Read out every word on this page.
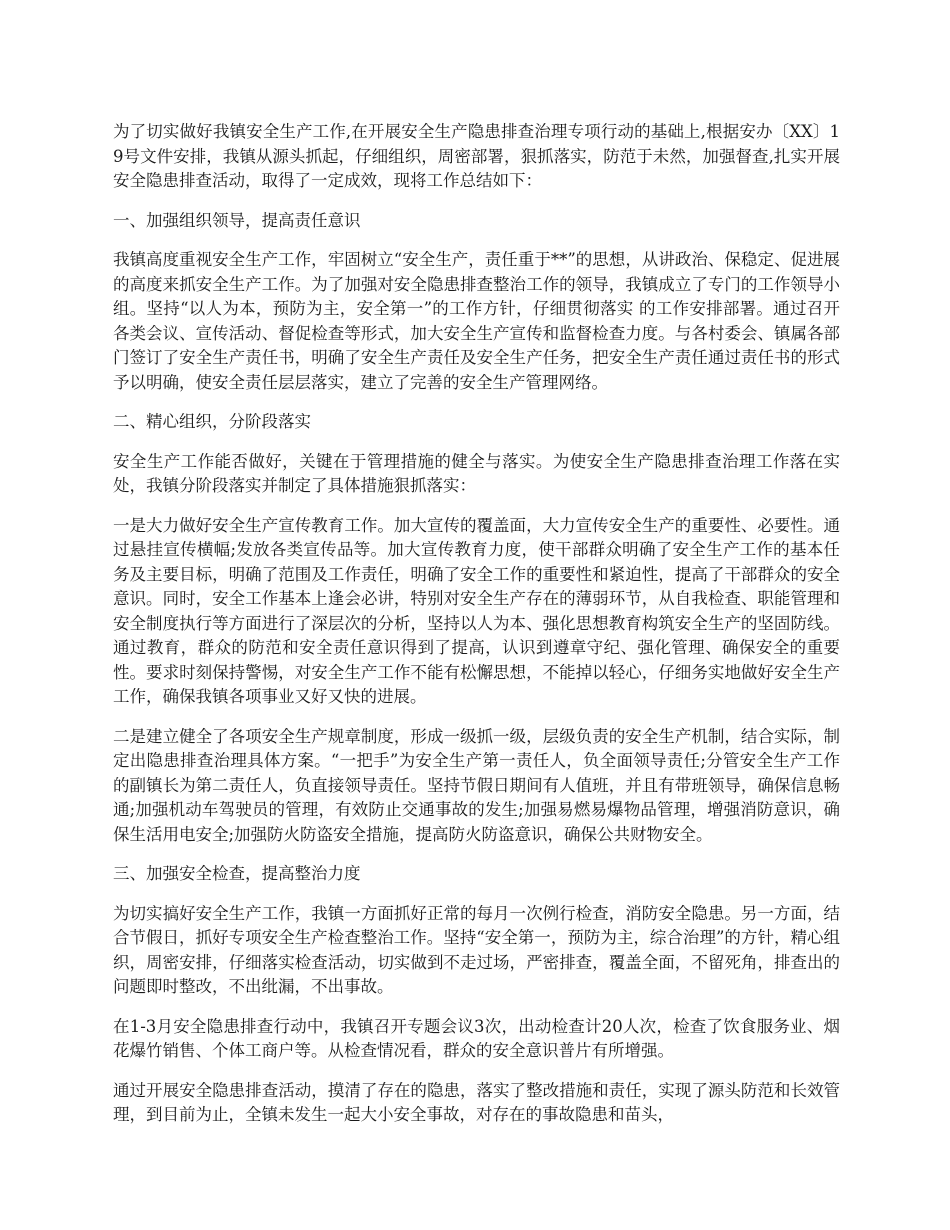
为了切实做好我镇安全生产工作,在开展安全生产隐患排查治理专项行动的基础上,根据安办〔XX〕19号文件安排，我镇从源头抓起，仔细组织，周密部署，狠抓落实，防范于未然，加强督查,扎实开展安全隐患排查活动，取得了一定成效，现将工作总结如下：

一、加强组织领导，提高责任意识

我镇高度重视安全生产工作，牢固树立“安全生产，责任重于**”的思想，从讲政治、保稳定、促进展的高度来抓安全生产工作。为了加强对安全隐患排查整治工作的领导，我镇成立了专门的工作领导小组。坚持“以人为本，预防为主，安全第一”的工作方针，仔细贯彻落实 的工作安排部署。通过召开各类会议、宣传活动、督促检查等形式，加大安全生产宣传和监督检查力度。与各村委会、镇属各部门签订了安全生产责任书，明确了安全生产责任及安全生产任务，把安全生产责任通过责任书的形式予以明确，使安全责任层层落实，建立了完善的安全生产管理网络。

二、精心组织，分阶段落实

安全生产工作能否做好，关键在于管理措施的健全与落实。为使安全生产隐患排查治理工作落在实处，我镇分阶段落实并制定了具体措施狠抓落实：

一是大力做好安全生产宣传教育工作。加大宣传的覆盖面，大力宣传安全生产的重要性、必要性。通过悬挂宣传横幅;发放各类宣传品等。加大宣传教育力度，使干部群众明确了安全生产工作的基本任务及主要目标，明确了范围及工作责任，明确了安全工作的重要性和紧迫性，提高了干部群众的安全意识。同时，安全工作基本上逢会必讲，特别对安全生产存在的薄弱环节，从自我检查、职能管理和安全制度执行等方面进行了深层次的分析，坚持以人为本、强化思想教育构筑安全生产的坚固防线。通过教育，群众的防范和安全责任意识得到了提高，认识到遵章守纪、强化管理、确保安全的重要性。要求时刻保持警惕，对安全生产工作不能有松懈思想，不能掉以轻心，仔细务实地做好安全生产工作，确保我镇各项事业又好又快的进展。

二是建立健全了各项安全生产规章制度，形成一级抓一级，层级负责的安全生产机制，结合实际，制定出隐患排查治理具体方案。“一把手”为安全生产第一责任人，负全面领导责任;分管安全生产工作的副镇长为第二责任人，负直接领导责任。坚持节假日期间有人值班，并且有带班领导，确保信息畅通;加强机动车驾驶员的管理，有效防止交通事故的发生;加强易燃易爆物品管理，增强消防意识，确保生活用电安全;加强防火防盗安全措施，提高防火防盗意识，确保公共财物安全。

三、加强安全检查，提高整治力度

为切实搞好安全生产工作，我镇一方面抓好正常的每月一次例行检查，消防安全隐患。另一方面，结合节假日，抓好专项安全生产检查整治工作。坚持“安全第一，预防为主，综合治理”的方针，精心组织，周密安排，仔细落实检查活动，切实做到不走过场，严密排查，覆盖全面，不留死角，排查出的问题即时整改，不出纰漏，不出事故。

在1-3月安全隐患排查行动中，我镇召开专题会议3次，出动检查计20人次，检查了饮食服务业、烟花爆竹销售、个体工商户等。从检查情况看，群众的安全意识普片有所增强。

通过开展安全隐患排查活动，摸清了存在的隐患，落实了整改措施和责任，实现了源头防范和长效管理，到目前为止，全镇未发生一起大小安全事故，对存在的事故隐患和苗头，
